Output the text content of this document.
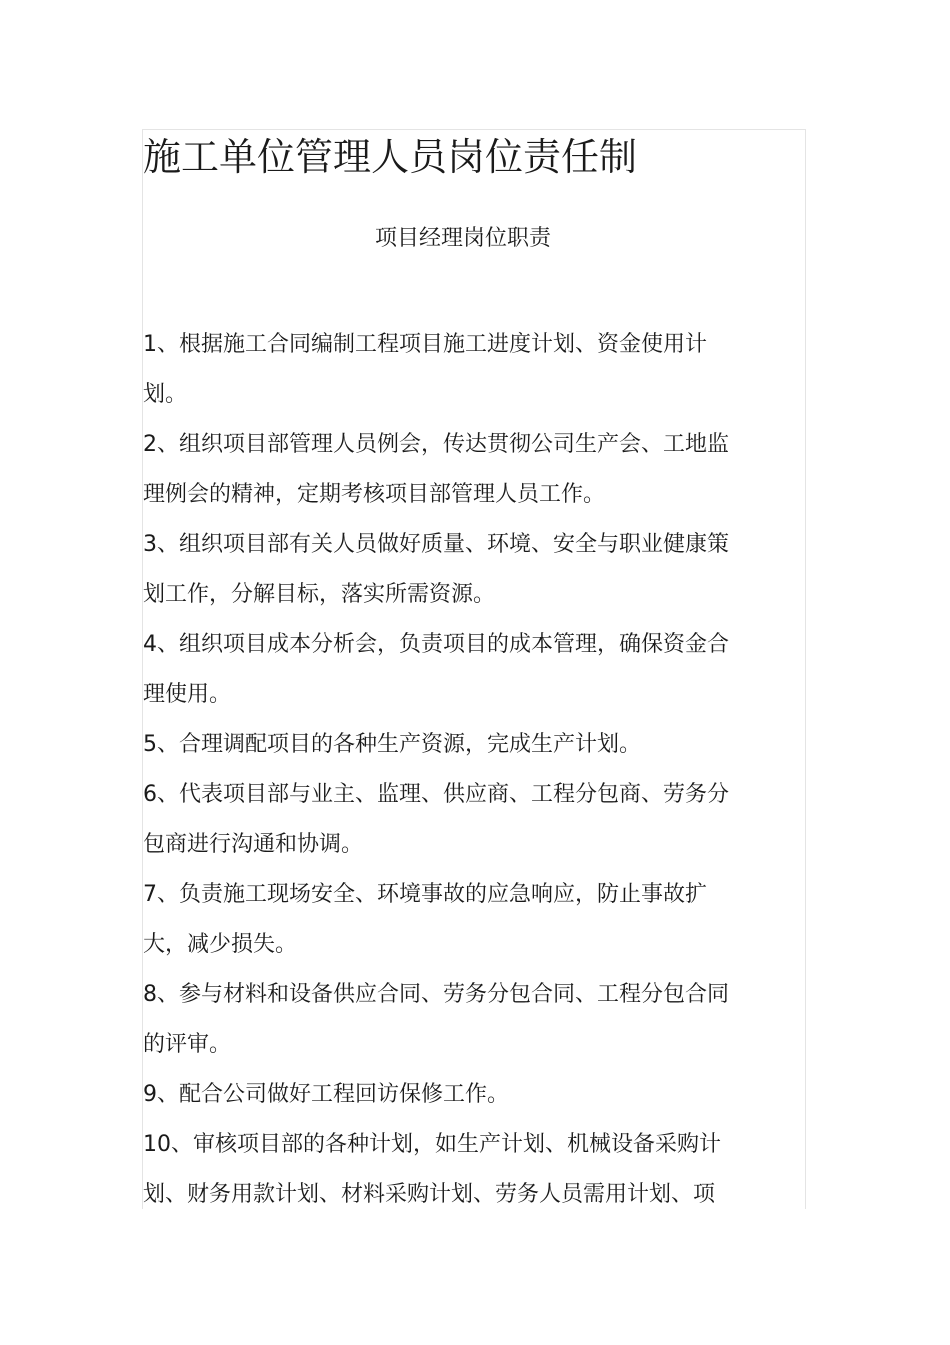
施工单位管理人员岗位责任制
项目经理岗位职责
1、根据施工合同编制工程项目施工进度计划、资金使用计划。
2、组织项目部管理人员例会，传达贯彻公司生产会、工地监理例会的精神，定期考核项目部管理人员工作。
3、组织项目部有关人员做好质量、环境、安全与职业健康策划工作，分解目标，落实所需资源。
4、组织项目成本分析会，负责项目的成本管理，确保资金合理使用。
5、合理调配项目的各种生产资源，完成生产计划。
6、代表项目部与业主、监理、供应商、工程分包商、劳务分包商进行沟通和协调。
7、负责施工现场安全、环境事故的应急响应，防止事故扩大，减少损失。
8、参与材料和设备供应合同、劳务分包合同、工程分包合同的评审。
9、配合公司做好工程回访保修工作。
10、审核项目部的各种计划，如生产计划、机械设备采购计划、财务用款计划、材料采购计划、劳务人员需用计划、项
